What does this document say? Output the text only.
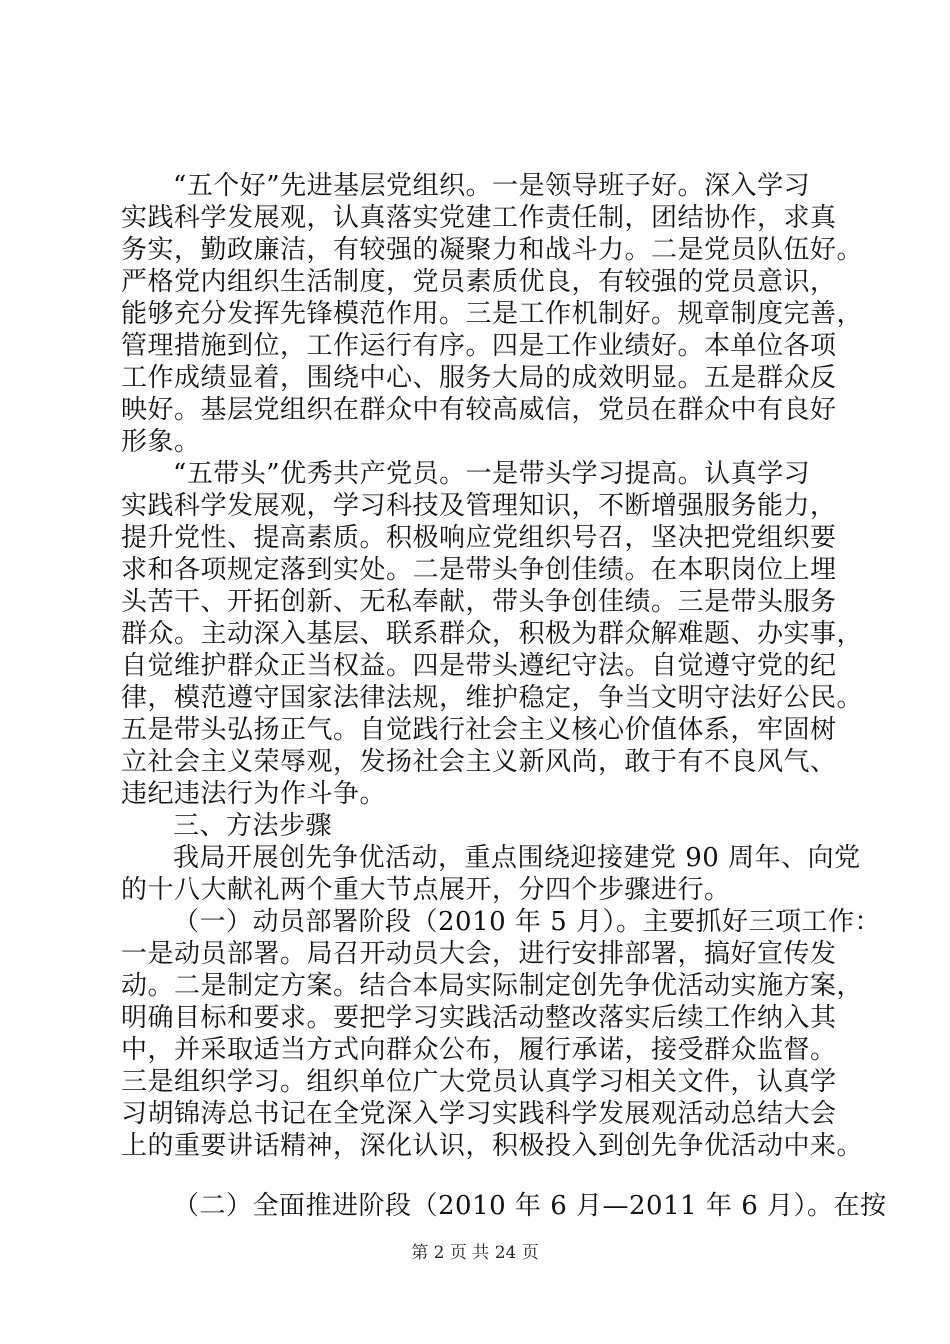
“五个好”先进基层党组织。一是领导班子好。深入学习
实践科学发展观，认真落实党建工作责任制，团结协作，求真
务实，勤政廉洁，有较强的凝聚力和战斗力。二是党员队伍好。
严格党内组织生活制度，党员素质优良，有较强的党员意识，
能够充分发挥先锋模范作用。三是工作机制好。规章制度完善，
管理措施到位，工作运行有序。四是工作业绩好。本单位各项
工作成绩显着，围绕中心、服务大局的成效明显。五是群众反
映好。基层党组织在群众中有较高威信，党员在群众中有良好
形象。
“五带头”优秀共产党员。一是带头学习提高。认真学习
实践科学发展观，学习科技及管理知识，不断增强服务能力，
提升党性、提高素质。积极响应党组织号召，坚决把党组织要
求和各项规定落到实处。二是带头争创佳绩。在本职岗位上埋
头苦干、开拓创新、无私奉献，带头争创佳绩。三是带头服务
群众。主动深入基层、联系群众，积极为群众解难题、办实事，
自觉维护群众正当权益。四是带头遵纪守法。自觉遵守党的纪
律，模范遵守国家法律法规，维护稳定，争当文明守法好公民。
五是带头弘扬正气。自觉践行社会主义核心价值体系，牢固树
立社会主义荣辱观，发扬社会主义新风尚，敢于有不良风气、
违纪违法行为作斗争。
三、方法步骤
我局开展创先争优活动，重点围绕迎接建党 90 周年、向党
的十八大献礼两个重大节点展开，分四个步骤进行。
（一）动员部署阶段（2010 年 5 月）。主要抓好三项工作：
一是动员部署。局召开动员大会，进行安排部署，搞好宣传发
动。二是制定方案。结合本局实际制定创先争优活动实施方案，
明确目标和要求。要把学习实践活动整改落实后续工作纳入其
中，并采取适当方式向群众公布，履行承诺，接受群众监督。
三是组织学习。组织单位广大党员认真学习相关文件，认真学
习胡锦涛总书记在全党深入学习实践科学发展观活动总结大会
上的重要讲话精神，深化认识，积极投入到创先争优活动中来。
（二）全面推进阶段（2010 年 6 月—2011 年 6 月）。在按
第 2 页 共 24 页
